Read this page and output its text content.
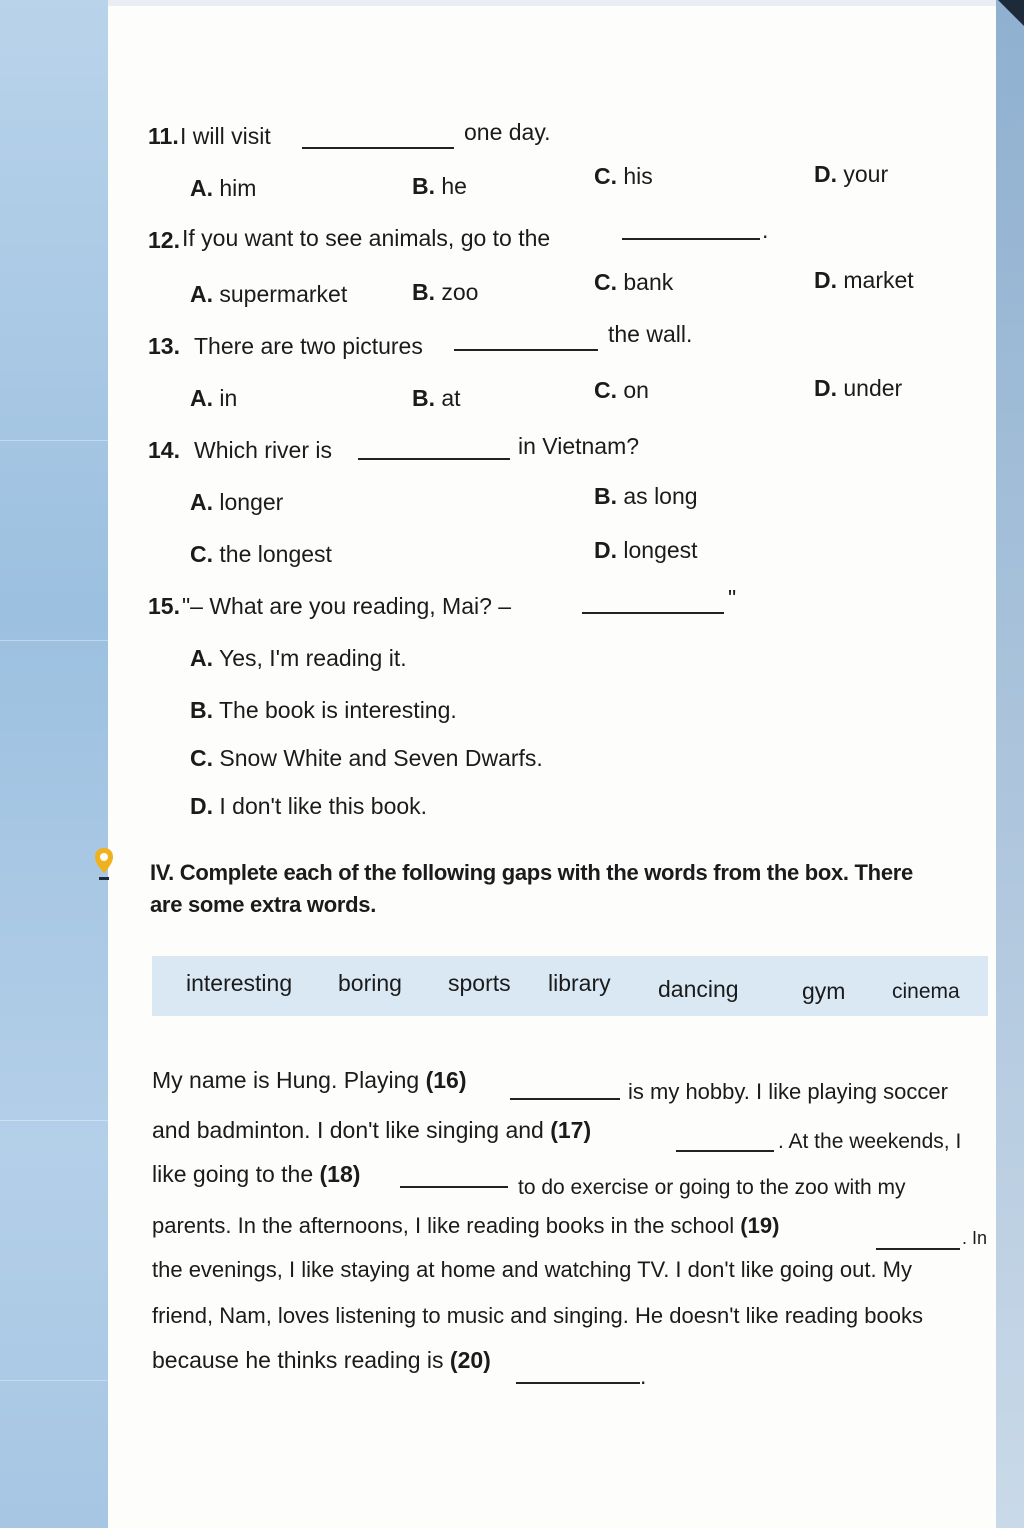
11. I will visit	one day.
A. him	B. he	C. his	D. your
12. If you want to see animals, go to the	.
A. supermarket	B. zoo	C. bank	D. market
13. There are two pictures	the wall.
A. in	B. at	C. on	D. under
14. Which river is	in Vietnam?
A. longer	B. as long
C. the longest	D. longest
15. "– What are you reading, Mai? –	"
A. Yes, I'm reading it.
B. The book is interesting.
C. Snow White and Seven Dwarfs.
D. I don't like this book.
IV. Complete each of the following gaps with the words from the box. There
are some extra words.
interesting boring sports library dancing	gym cinema
My name is Hung. Playing (16)	is my hobby. I like playing soccer
and badminton. I don't like singing and (17)	. At the weekends, I
like going to the (18)
to do exercise or going to the zoo with my
parents. In the afternoons, I like reading books in the school (19)	. In
the evenings, I like staying at home and watching TV. I don't like going out. My
friend, Nam, loves listening to music and singing. He doesn't like reading books
because he thinks reading is (20)
.
